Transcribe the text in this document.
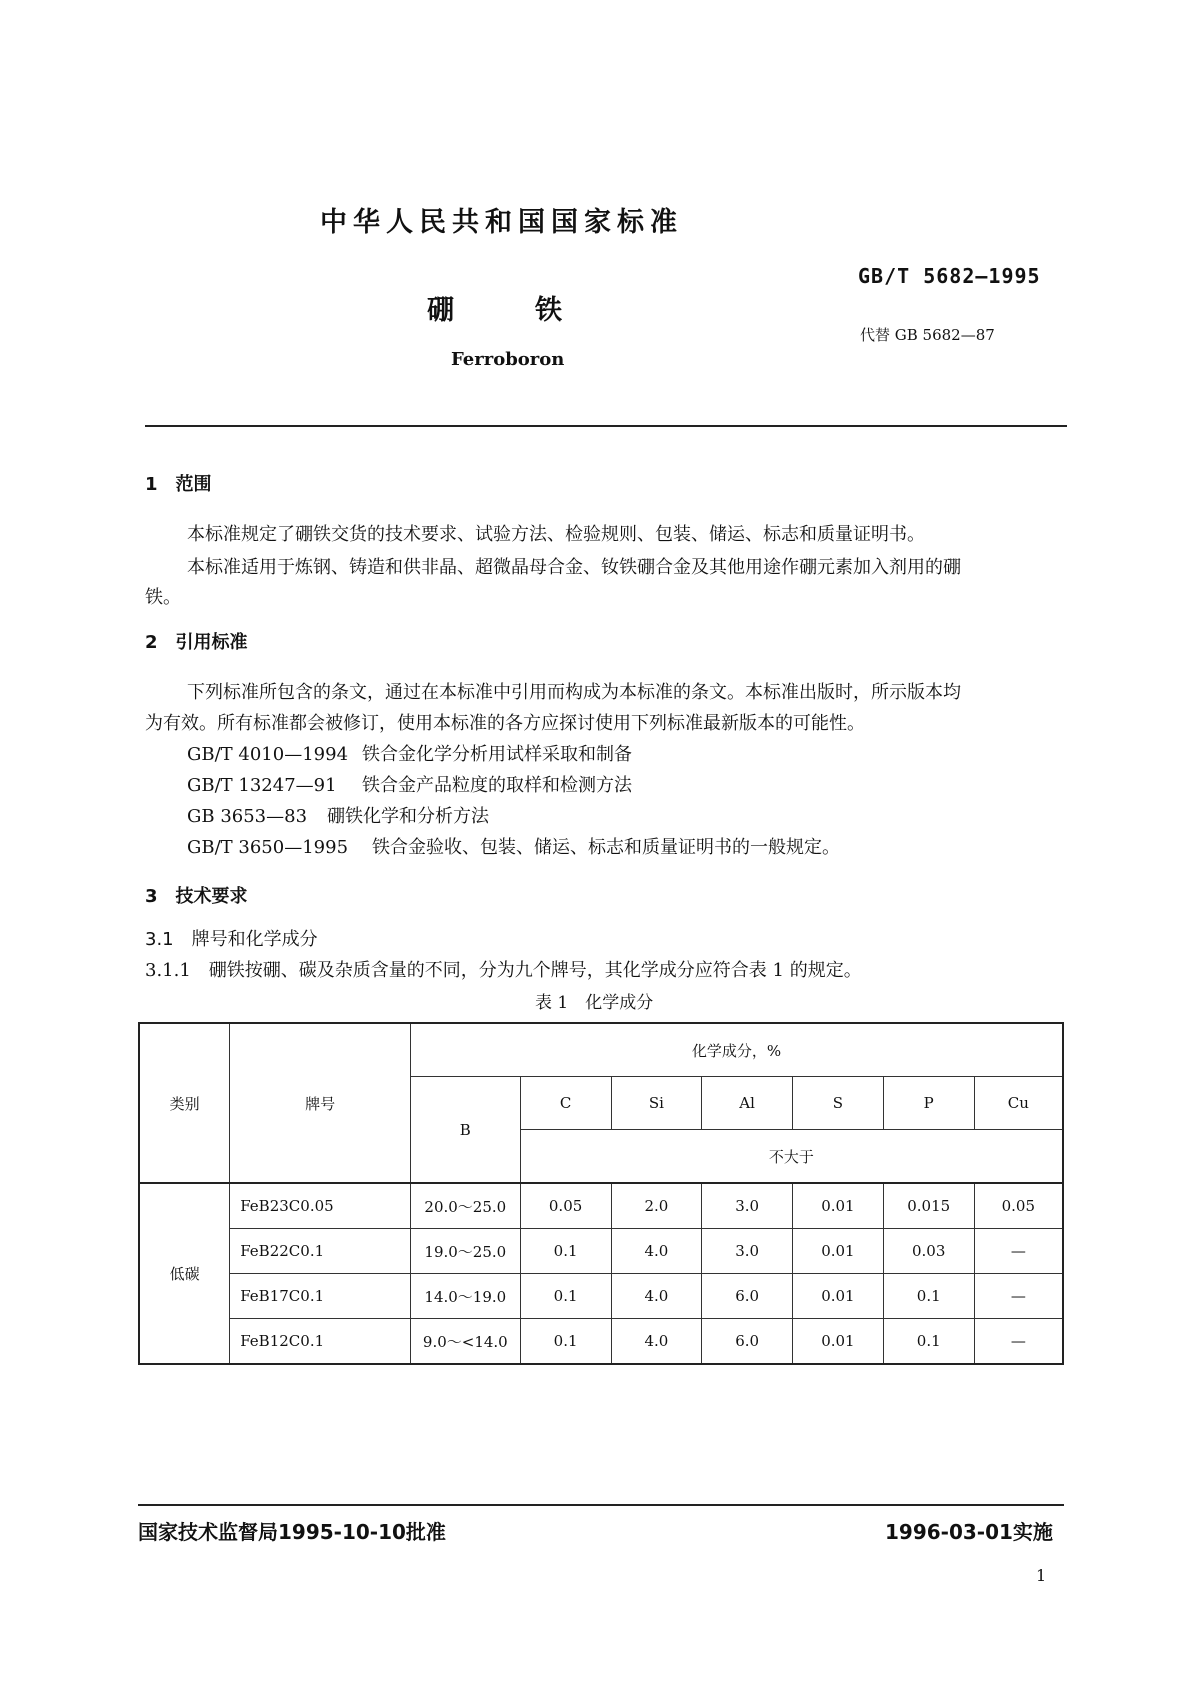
中华人民共和国国家标准
GB/T 5682—1995
硼　　　铁
代替 GB 5682—87
Ferroboron
1　范围
本标准规定了硼铁交货的技术要求、试验方法、检验规则、包装、储运、标志和质量证明书。
本标准适用于炼钢、铸造和供非晶、超微晶母合金、钕铁硼合金及其他用途作硼元素加入剂用的硼
铁。
2　引用标准
下列标准所包含的条文，通过在本标准中引用而构成为本标准的条文。本标准出版时，所示版本均
为有效。所有标准都会被修订，使用本标准的各方应探讨使用下列标准最新版本的可能性。
GB/T 4010—1994 铁合金化学分析用试样采取和制备
GB/T 13247—91 铁合金产品粒度的取样和检测方法
GB 3653—83 硼铁化学和分析方法
GB/T 3650—1995 铁合金验收、包装、储运、标志和质量证明书的一般规定。
3　技术要求
3.1　牌号和化学成分
3.1.1　硼铁按硼、碳及杂质含量的不同，分为九个牌号，其化学成分应符合表 1 的规定。
表 1　化学成分
类别	牌号	化学成分，%						
		B	C	Si	Al	S	P	Cu
			不大于					
低碳	FeB23C0.05	20.0～25.0	0.05	2.0	3.0	0.01	0.015	0.05
	FeB22C0.1	19.0～25.0	0.1	4.0	3.0	0.01	0.03	—
	FeB17C0.1	14.0～19.0	0.1	4.0	6.0	0.01	0.1	—
	FeB12C0.1	9.0～<14.0	0.1	4.0	6.0	0.01	0.1	—
国家技术监督局1995-10-10批准	1996-03-01实施
1
